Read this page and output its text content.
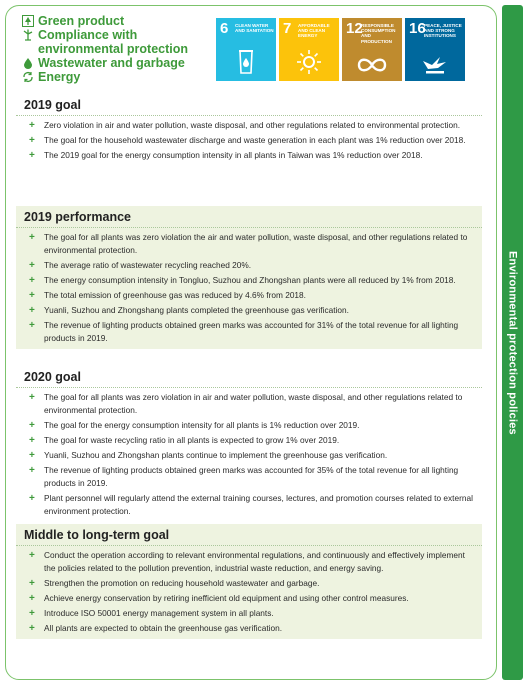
Environmental protection policies
Green product
Compliance with environmental protection
Wastewater and garbage
Energy
6 CLEAN WATER AND SANITATION 7 AFFORDABLE AND CLEAN ENERGY	12
RESPONSIBLE CONSUMPTION AND PRODUCTION
16
PEACE, JUSTICE AND STRONG INSTITUTIONS
2019 goal
+ Zero violation in air and water pollution, waste disposal, and other regulations related to environmental protection.
+ The goal for the household wastewater discharge and waste generation in each plant was 1% reduction over 2018.
+ The 2019 goal for the energy consumption intensity in all plants in Taiwan was 1% reduction over 2018.
2019 performance
+ The goal for all plants was zero violation the air and water pollution, waste disposal, and other regulations related to environmental protection.
+ The average ratio of wastewater recycling reached 20%.
+ The energy consumption intensity in Tongluo, Suzhou and Zhongshan plants were all reduced by 1% from 2018.
+ The total emission of greenhouse gas was reduced by 4.6% from 2018.
+ Yuanli, Suzhou and Zhongshang plants completed the greenhouse gas verification.
+ The revenue of lighting products obtained green marks was accounted for 31% of the total revenue for all lighting products in 2019.
2020 goal
+ The goal for all plants was zero violation in air and water pollution, waste disposal, and other regulations related to environmental protection.
+ The goal for the energy consumption intensity for all plants is 1% reduction over 2019.
+ The goal for waste recycling ratio in all plants is expected to grow 1% over 2019.
+ Yuanli, Suzhou and Zhongshan plants continue to implement the greenhouse gas verification.
+ The revenue of lighting products obtained green marks was accounted for 35% of the total revenue for all lighting products in 2019.
+ Plant personnel will regularly attend the external training courses, lectures, and promotion courses related to external environment protection.
Middle to long-term goal
+ Conduct the operation according to relevant environmental regulations, and continuously and effectively implement the policies related to the pollution prevention, industrial waste reduction, and energy saving.
+ Strengthen the promotion on reducing household wastewater and garbage.
+ Achieve energy conservation by retiring inefficient old equipment and using other control measures.
+ Introduce ISO 50001 energy management system in all plants.
+ All plants are expected to obtain the greenhouse gas verification.
